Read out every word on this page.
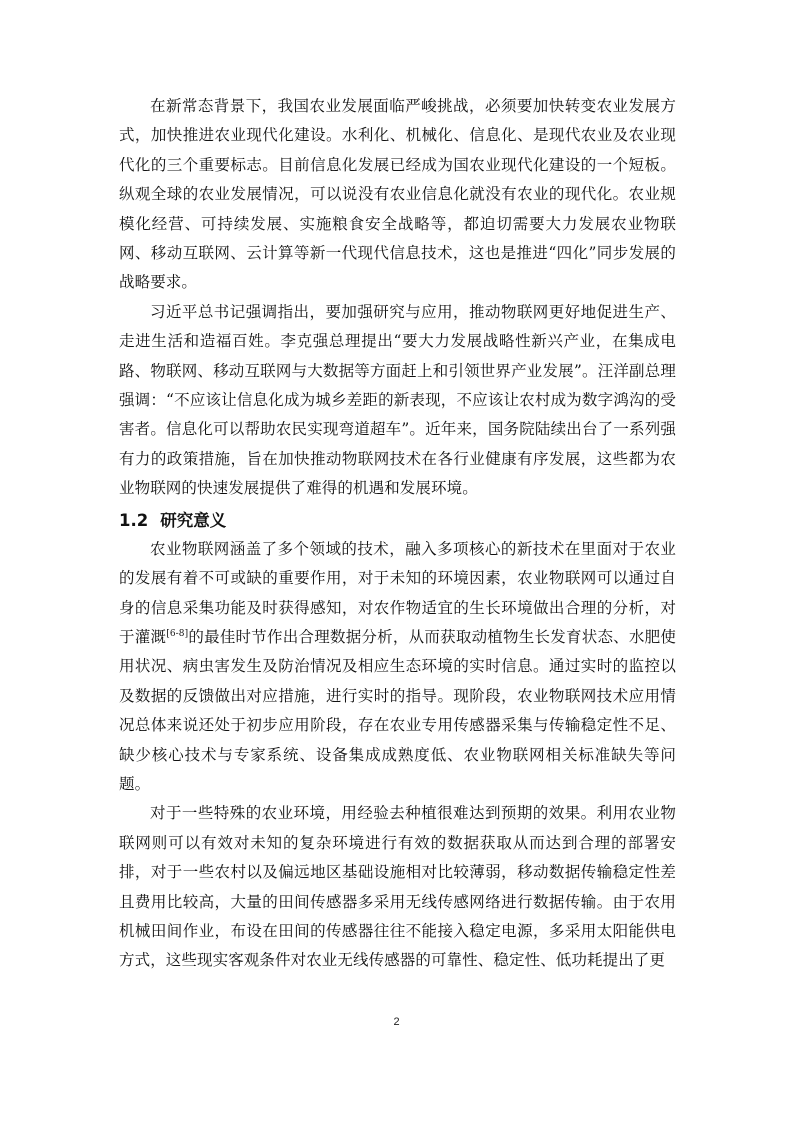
在新常态背景下，我国农业发展面临严峻挑战，必须要加快转变农业发展方式，加快推进农业现代化建设。水利化、机械化、信息化、是现代农业及农业现代化的三个重要标志。目前信息化发展已经成为国农业现代化建设的一个短板。纵观全球的农业发展情况，可以说没有农业信息化就没有农业的现代化。农业规模化经营、可持续发展、实施粮食安全战略等，都迫切需要大力发展农业物联网、移动互联网、云计算等新一代现代信息技术，这也是推进“四化”同步发展的战略要求。

习近平总书记强调指出，要加强研究与应用，推动物联网更好地促进生产、走进生活和造福百姓。李克强总理提出“要大力发展战略性新兴产业，在集成电路、物联网、移动互联网与大数据等方面赶上和引领世界产业发展”。汪洋副总理强调：“不应该让信息化成为城乡差距的新表现，不应该让农村成为数字鸿沟的受害者。信息化可以帮助农民实现弯道超车”。近年来，国务院陆续出台了一系列强有力的政策措施，旨在加快推动物联网技术在各行业健康有序发展，这些都为农业物联网的快速发展提供了难得的机遇和发展环境。

1.2 研究意义

农业物联网涵盖了多个领域的技术，融入多项核心的新技术在里面对于农业的发展有着不可或缺的重要作用，对于未知的环境因素，农业物联网可以通过自身的信息采集功能及时获得感知，对农作物适宜的生长环境做出合理的分析，对于灌溉[6-8]的最佳时节作出合理数据分析，从而获取动植物生长发育状态、水肥使用状况、病虫害发生及防治情况及相应生态环境的实时信息。通过实时的监控以及数据的反馈做出对应措施，进行实时的指导。现阶段，农业物联网技术应用情况总体来说还处于初步应用阶段，存在农业专用传感器采集与传输稳定性不足、缺少核心技术与专家系统、设备集成成熟度低、农业物联网相关标准缺失等问题。

对于一些特殊的农业环境，用经验去种植很难达到预期的效果。利用农业物联网则可以有效对未知的复杂环境进行有效的数据获取从而达到合理的部署安排，对于一些农村以及偏远地区基础设施相对比较薄弱，移动数据传输稳定性差且费用比较高，大量的田间传感器多采用无线传感网络进行数据传输。由于农用机械田间作业，布设在田间的传感器往往不能接入稳定电源，多采用太阳能供电方式，这些现实客观条件对农业无线传感器的可靠性、稳定性、低功耗提出了更

2
